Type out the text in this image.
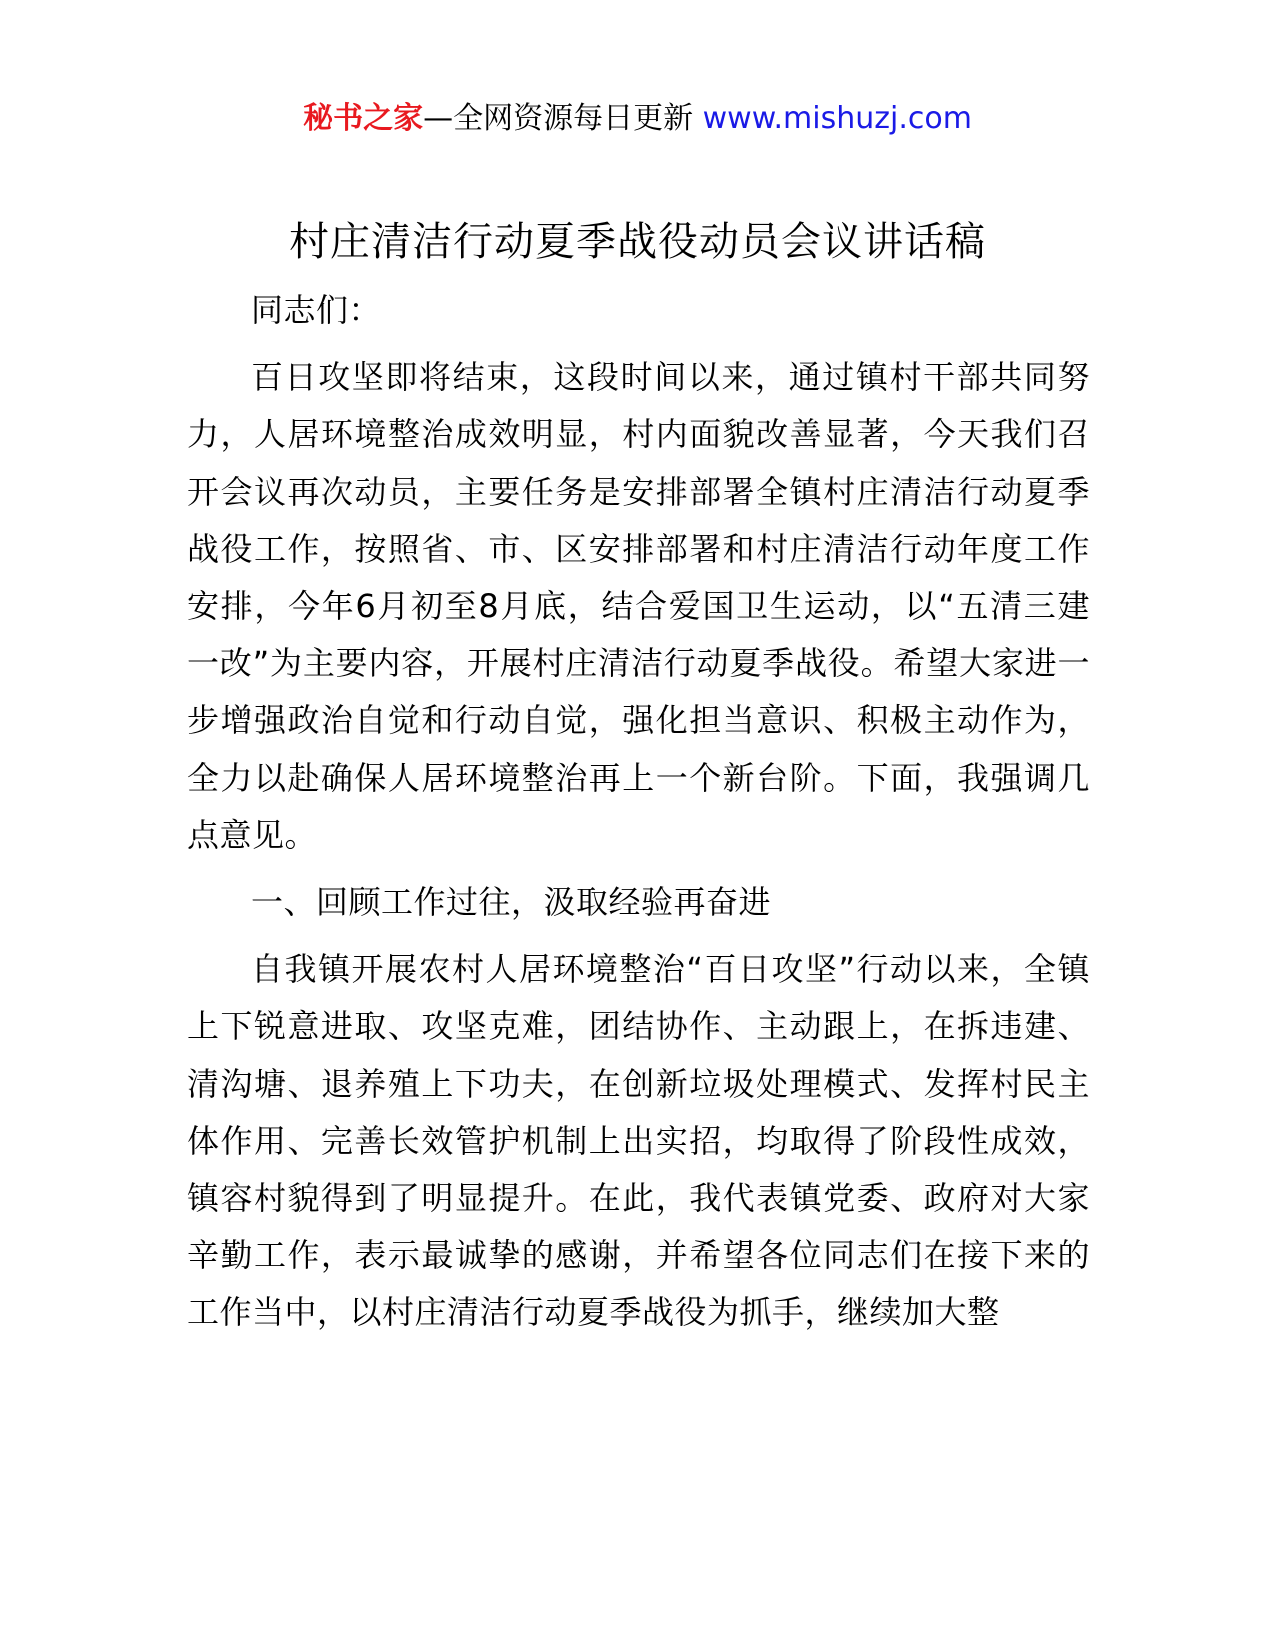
秘书之家—全网资源每日更新 www.mishuzj.com
村庄清洁行动夏季战役动员会议讲话稿

同志们：

百日攻坚即将结束，这段时间以来，通过镇村干部共同努力，人居环境整治成效明显，村内面貌改善显著，今天我们召开会议再次动员，主要任务是安排部署全镇村庄清洁行动夏季战役工作，按照省、市、区安排部署和村庄清洁行动年度工作安排，今年6月初至8月底，结合爱国卫生运动，以“五清三建一改”为主要内容，开展村庄清洁行动夏季战役。希望大家进一步增强政治自觉和行动自觉，强化担当意识、积极主动作为，全力以赴确保人居环境整治再上一个新台阶。下面，我强调几点意见。

一、回顾工作过往，汲取经验再奋进

自我镇开展农村人居环境整治“百日攻坚”行动以来，全镇上下锐意进取、攻坚克难，团结协作、主动跟上，在拆违建、清沟塘、退养殖上下功夫，在创新垃圾处理模式、发挥村民主体作用、完善长效管护机制上出实招，均取得了阶段性成效，镇容村貌得到了明显提升。在此，我代表镇党委、政府对大家辛勤工作，表示最诚挚的感谢，并希望各位同志们在接下来的工作当中，以村庄清洁行动夏季战役为抓手，继续加大整
